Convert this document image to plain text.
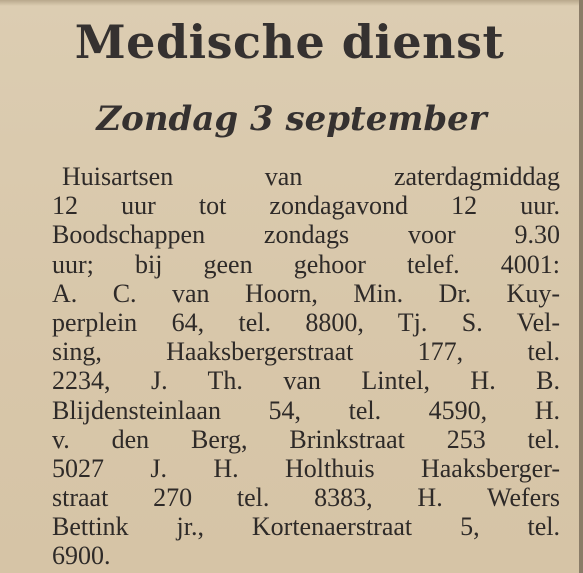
Medische dienst
Zondag 3 september
Huisartsen van zaterdagmiddag
12 uur tot zondagavond 12 uur.
Boodschappen zondags voor 9.30
uur; bij geen gehoor telef. 4001:
A. C. van Hoorn, Min. Dr. Kuy-
perplein 64, tel. 8800, Tj. S. Vel-
sing, Haaksbergerstraat 177, tel.
2234, J. Th. van Lintel, H. B.
Blijdensteinlaan 54, tel. 4590, H.
v. den Berg, Brinkstraat 253 tel.
5027 J. H. Holthuis Haaksberger-
straat 270 tel. 8383, H. Wefers
Bettink jr., Kortenaerstraat 5, tel.
6900.
